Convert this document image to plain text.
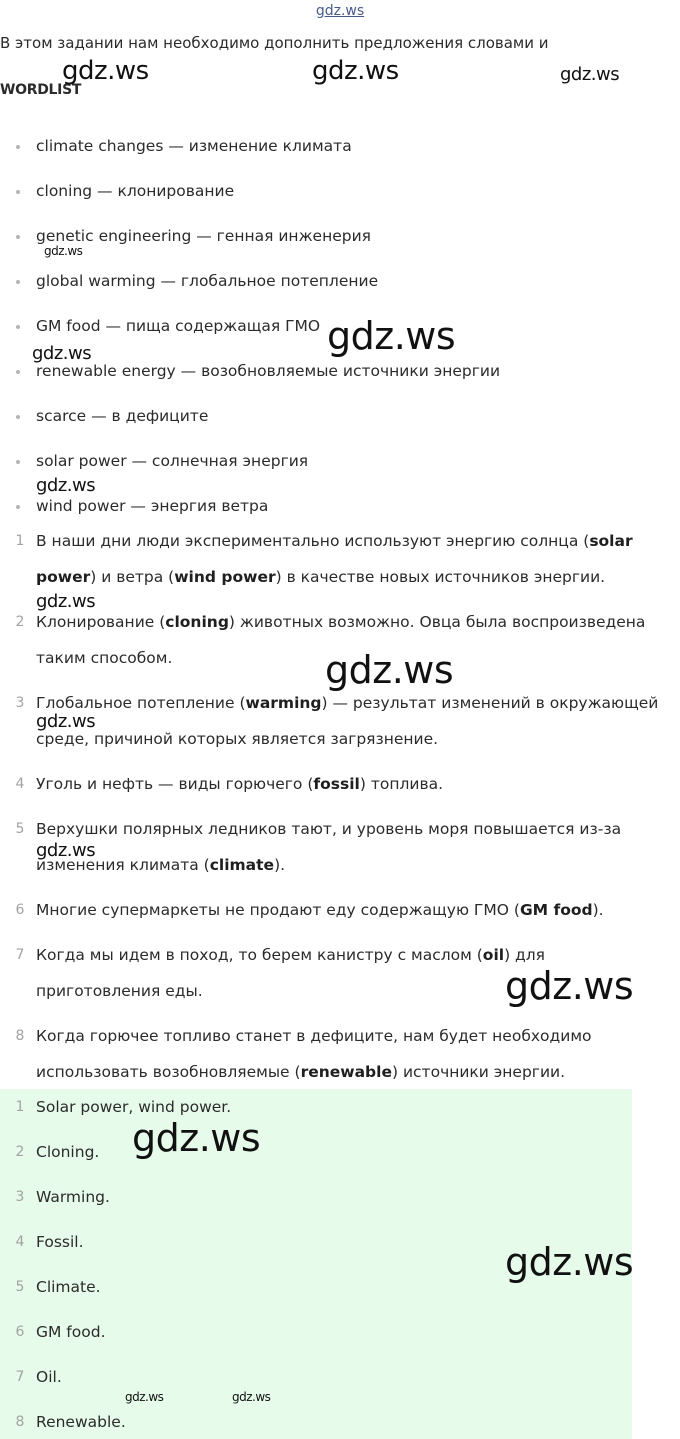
gdz.ws
В этом задании нам необходимо дополнить предложения словами и
WORDLIST
climate changes — изменение климата
cloning — клонирование
genetic engineering — генная инженерия
global warming — глобальное потепление
GM food — пища содержащая ГМО
renewable energy — возобновляемые источники энергии
scarce — в дефиците
solar power — солнечная энергия
wind power — энергия ветра
1 В наши дни люди экспериментально используют энергию солнца (solar
power) и ветра (wind power) в качестве новых источников энергии.
2 Клонирование (cloning) животных возможно. Овца была воспроизведена
таким способом.
3 Глобальное потепление (warming) — результат изменений в окружающей
среде, причиной которых является загрязнение.
4 Уголь и нефть — виды горючего (fossil) топлива.
5 Верхушки полярных ледников тают, и уровень моря повышается из-за
изменения климата (climate).
6 Многие супермаркеты не продают еду содержащую ГМО (GM food).
7 Когда мы идем в поход, то берем канистру с маслом (oil) для
приготовления еды.
8 Когда горючее топливо станет в дефиците, нам будет необходимо
использовать возобновляемые (renewable) источники энергии.
1 Solar power, wind power.
2 Cloning.
3 Warming.
4 Fossil.
5 Climate.
6 GM food.
7 Oil.
8 Renewable.
gdz.ws	gdz.ws	gdz.ws
gdz.ws
gdz.ws
gdz.ws
gdz.ws
gdz.ws
gdz.ws
gdz.ws
gdz.ws
gdz.ws
gdz.ws
gdz.ws
gdz.ws	gdz.ws
